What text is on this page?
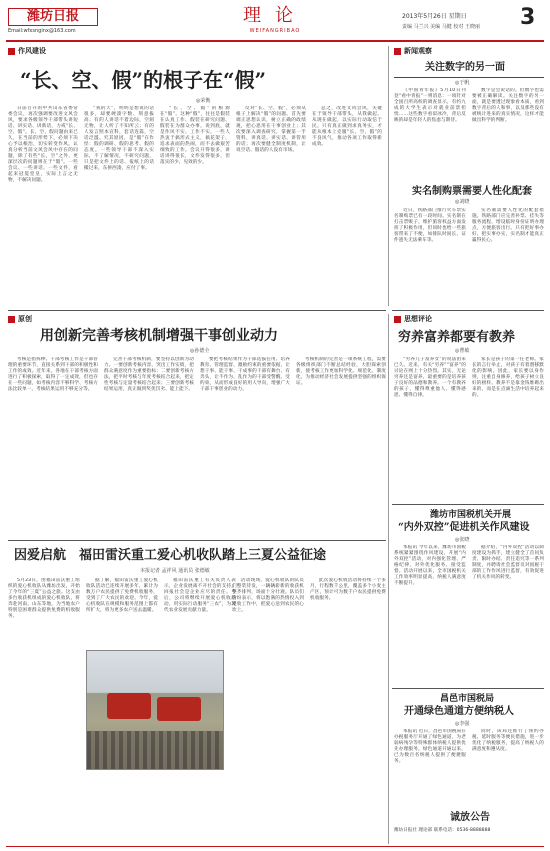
潍坊日报
Email:wfxsnginx@163.com
理论
WEIFANGRIBAO
2013年5月26日 星期日
责编 马兰兴 美编 马健 校对 王晓丽 3
作风建设
“长、空、假”的根子在“假”
◎荣衡

日前召开的中共山东省委常委会议，再次强调要改进文风会风，要求各级领导干部带头讲短话、讲实话、讲新话，力戒“长、空、假”。长、空、假问题由来已久，在当前的形势下，必须下决心予以根治，切实转变作风。认真分析当前文风会风中存在的问题，除了有些“长、空”之外，更深层次的问题则在于“假”。一些会议、一些讲话、一些文件，看起来冠冕堂皇，实际上言之无物，不解决问题。

“我的天”，明明是想说的话很多，却要硬凑字数、刻意拔高；有的人讲话不着边际，空洞无物，让人听了不知所云；有的人发言照本宣科，套话连篇，空话泛滥。究其原因，是“假”在作怪：假的调研、假的思考、假的态度。一些领导干部不深入实际，不了解情况，不研究问题，只是把文件上的话、报纸上的话搬过来，东拼西凑，应付了事。

“长、空、假”的根源在“假”。这种“假”，往往是假装在认真工作、假装在研究问题、假装在为群众办事。说到底，就是作风不实、工作不实。一些人热衷于搞形式主义，搞花架子，追求表面的热闹，而不去做艰苦细致的工作。会议开得很多，讲话讲得很长，文件发得很多，但落实的少、见效的少。

反对“长、空、假”，必须从根子上解决“假”的问题。首先要端正思想认识，树立正确的政绩观，把心思用在干事创业上；其次要深入调查研究，掌握第一手资料，讲真话、讲实话、讲管用的话；再次要健全制度机制，让说空话、假话的人没有市场。

总之，改进文风会风，关键在于领导干部带头，从我做起、从现在做起，以实际行动取信于民。只有真正做到求真务实，才能从根本上克服“长、空、假”的不良风气，推动各项工作取得新成效。

新闻观察
关注数字的另一面
◎于帆

《中国青年报》5月10日刊登“看中青报”一则消息：一项针对全国百所高校的调查显示，有约九成的大学生表示对就业前景担忧……这些数字看似冰冷，背后反映的却是年轻人的焦虑与期待。

数字是会说话的。但数字也需要被正确解读。关注数字的另一面，就是要透过现象看本质，看到数字背后的人和事，以及那些没有被统计进来的真实情况，这样才能做出科学的判断。

实名制购票需要人性化配套
◎刘晓

近日，铁路部门推行火车票实名制购票已有一段时间。实名制在打击票贩子、维护旅客权益方面发挥了积极作用，但同时也给一些旅客带来了不便，如排队时间长、证件遗失无法乘车等。

实名制需要人性化的配套措施。铁路部门应完善补票、挂失等服务流程，增设临时身份证明办理点，方便旅客出行。只有把好事办好、把实事办实，实名制才能真正赢得民心。

原创
用创新完善考核机制增强干事创业动力
◎孙德全

考核是指挥棒。干部考核工作是干部管理的重要环节，直接关系到干部的积极性和工作的成效。近年来，各地在干部考核方面进行了积极探索，取得了一定成效，但也存在一些问题，如考核内容不够科学、考核方法比较单一、考核结果运用不够充分等。

完善干部考核机制，要坚持以创新为动力。一要创新考核内容，突出工作实绩，把群众满意度作为重要指标；二要创新考核方法，把平时考核与年度考核结合起来，把定性考核与定量考核结合起来；三要创新考核结果运用，真正做到奖优罚劣、能上能下。

要把考核结果作为干部选拔任用、培养教育、管理监督、激励约束的重要依据，让想干事、能干事、干成事的干部有舞台、有奔头，让不作为、乱作为的干部受警醒、受约束，从而形成良好的用人导向，增强广大干部干事创业的动力。

考核机制的完善是一项系统工程，需要各级组织部门不断总结经验，大胆探索创新，使考核工作更加科学化、规范化、制度化，为推动经济社会发展提供坚强的组织保证。

思想评论
穷养富养都要有教养
◎曹敏

“穷养儿子富养女”的说法由来已久。近来，有关“穷养”“富养”的讨论在网上十分热烈。其实，无论穷养还是富养，最重要的是培养孩子良好的品德和教养。一个有教养的孩子，懂得尊重他人、懂得感恩、懂得自律。

家长是孩子的第一任老师。家长的言行举止，对孩子有着潜移默化的影响。因此，家长要以身作则，注重自身修养，给孩子树立良好的榜样。教养不是靠金钱堆砌出来的，而是在点滴生活中培养起来的。

潍坊市国税机关开展
“内外双控”促进机关作风建设
◎张晓

本报讯 今年以来，潍坊市国税系统紧紧围绕作风建设，开展“内外双控”活动，对内强化管理、严格纪律，对外优化服务、接受监督。活动开展以来，全市国税机关工作效率明显提高，纳税人满意度不断提升。

据介绍，“内外双控”活动以制度建设为抓手，建立健全了首问负责、限时办结、责任追究等一系列制度，并聘请社会监督员对国税干部的工作作风进行监督，有效促进了机关作风的转变。

因爱启航　福田雷沃重工爱心机收队踏上三夏公益征途
本报记者 孟祥风 通讯员 张德敏

5月23日，由福田雷沃重工组织的爱心机收队从潍坊出发，开始了今年的“三夏”公益之旅。这支由多台收获机组成的爱心机收队，将奔赴河南、山东等地，为当地农户特别是困难群众提供免费的机收服务。

据了解，福田雷沃重工爱心机收队活动已连续开展多年，累计为数万户农民提供了免费机收服务，受到了广大农民的欢迎。今年，爱心机收队在规模和服务范围上都有所扩大，将为更多农户送去温暖。

福田雷沃重工有关负责人表示，企业发展离不开社会的支持，回报社会是企业应尽的责任。今后，公司将继续开展爱心机收活动，用实际行动服务“三农”，为现代农业发展贡献力量。

活动现场，爱心机收队的队员们整装待发，一辆辆崭新的收获机整齐排列，场面十分壮观。队员们纷纷表示，将以饱满的热情投入到麦收工作中，把爱心送到农民的心坎上。

此次爱心机收活动将持续一个多月，行程数千公里，覆盖多个小麦主产区，预计可为数千户农民提供免费机收服务。

昌邑市国税局
开通绿色通道方便纳税人
◎李强

本报讯 近日，昌邑市国税局在办税服务厅开通了绿色通道，为老弱病残孕等特殊群体纳税人提供优先办理服务。绿色通道开通以来，已为数百名纳税人提供了便捷服务。

同时，该局还推行了预约办税、延时服务等便民措施，进一步优化了纳税服务，提高了纳税人的满意度和遵从度。

诚放公告
潍坊日报社 理论部 联系电话：0536-8888888
